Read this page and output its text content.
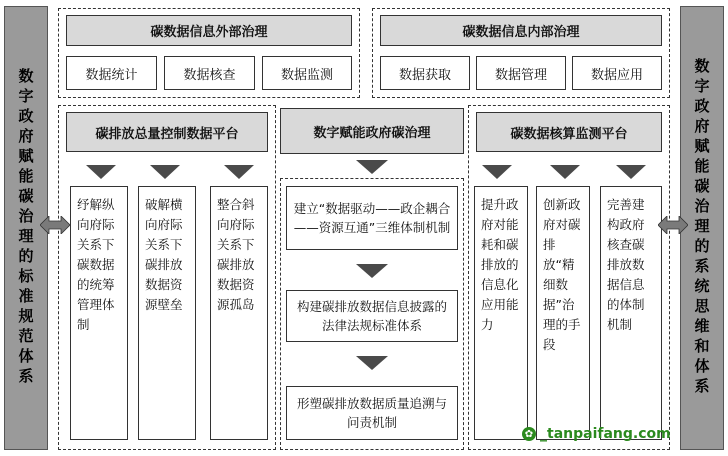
数字政府赋能碳治理的标准规范体系	数字政府赋能碳治理的系统思维和体系
碳数据信息外部治理
数据统计	数据核查	数据监测
碳数据信息内部治理
数据获取	数据管理	数据应用
碳排放总量控制数据平台
纾解纵向府际关系下碳数据的统筹管理体制
破解横向府际关系下碳排放数据资源壁垒
整合斜向府际关系下碳排放数据资源孤岛
数字赋能政府碳治理
建立“数据驱动——政企耦合——资源互通”三维体制机制
构建碳排放数据信息披露的法律法规标准体系
形塑碳排放数据质量追溯与问责机制
碳数据核算监测平台
提升政府对能耗和碳排放的信息化应用能力
创新政府对碳排放“精细数据”治理的手段
完善建构政府核查碳排放数据信息的体制机制
✿ _tanpaifang.com
